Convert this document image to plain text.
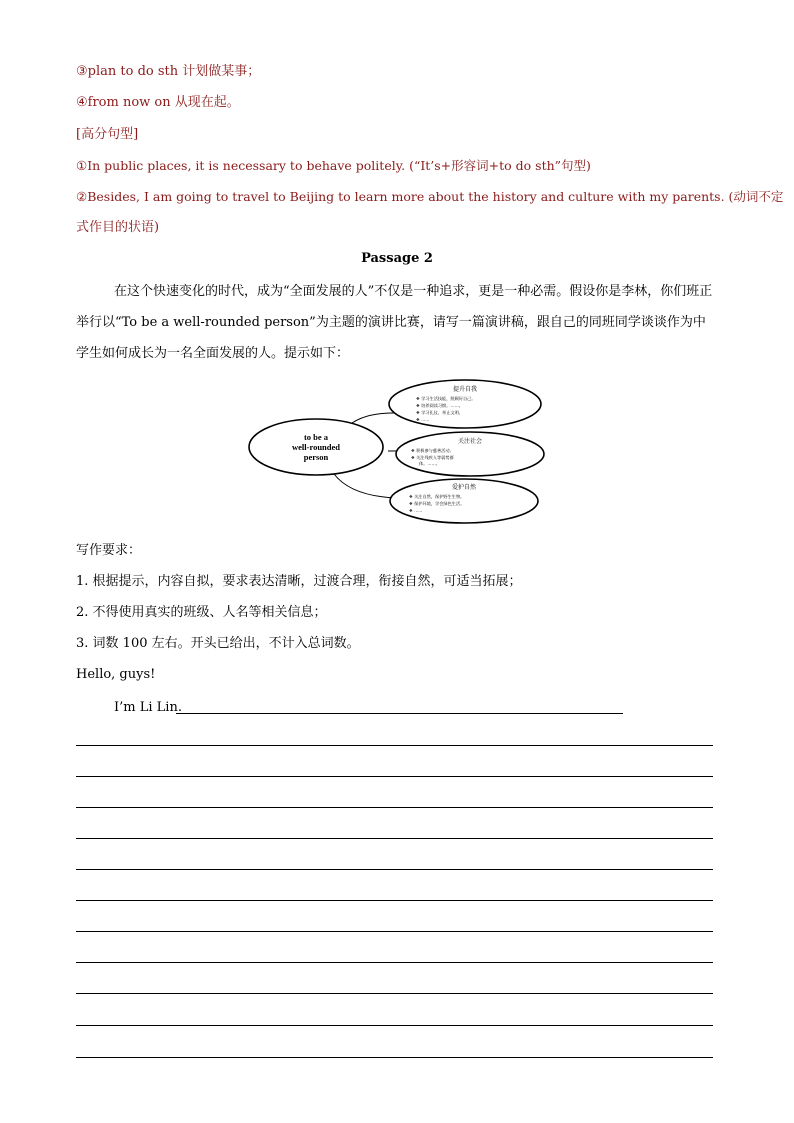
③plan to do sth 计划做某事；
④from now on 从现在起。
[高分句型]
①In public places, it is necessary to behave politely. (“It’s+形容词+to do sth”句型)
②Besides, I am going to travel to Beijing to learn more about the history and culture with my parents. (动词不定
式作目的状语)
Passage 2
在这个快速变化的时代，成为“全面发展的人”不仅是一种追求，更是一种必需。假设你是李林，你们班正举行以“To be a well-rounded person”为主题的演讲比赛，请写一篇演讲稿，跟自己的同班同学谈谈作为中学生如何成长为一名全面发展的人。提示如下：
to be a
well-rounded
person
提升自我
❖ 学习生活技能，照顾好自己。
❖ 培养阅读习惯。……。
❖ 学习礼仪，举止文明。
❖ ……
关注社会
❖ 积极参与慈善活动。
❖ 关注残疾人等弱势群
体。……。
爱护自然
❖ 关注自然，保护野生生物。
❖ 保护环境，学会绿色生活。
❖ ……
写作要求：
1. 根据提示，内容自拟，要求表达清晰，过渡合理，衔接自然，可适当拓展；
2. 不得使用真实的班级、人名等相关信息；
3. 词数 100 左右。开头已给出，不计入总词数。
Hello, guys!
I’m Li Lin.
